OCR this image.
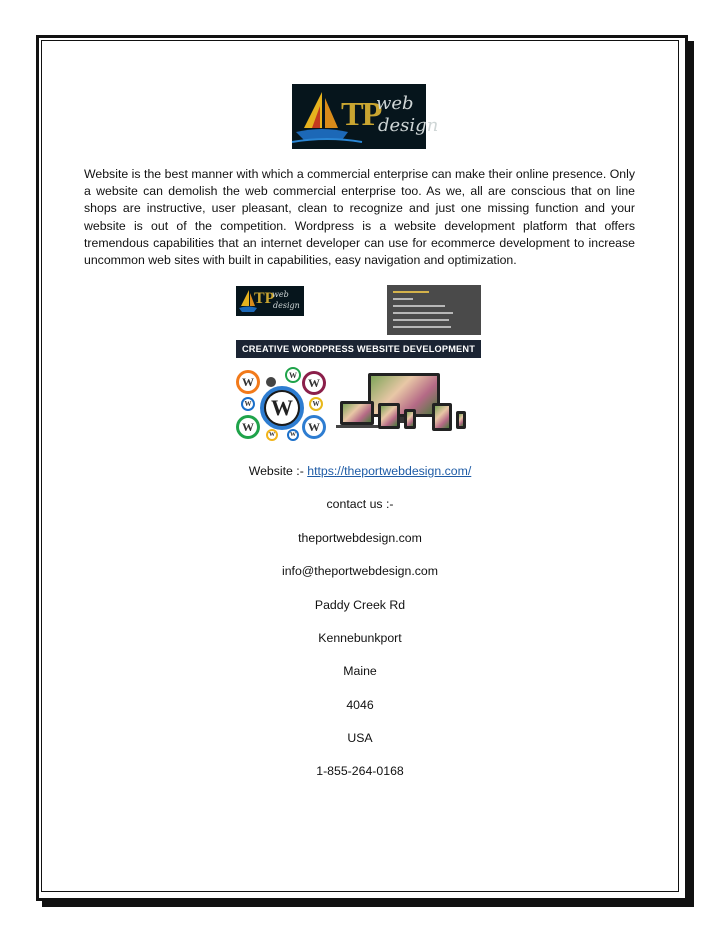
TP
web
design

Website is the best manner with which a commercial enterprise can make their online presence. Only a website can demolish the web commercial enterprise too. As we, all are conscious that on line shops are instructive, user pleasant, clean to recognize and just one missing function and your website is out of the competition. Wordpress is a website development platform that offers tremendous capabilities that an internet developer can use for ecommerce development to increase uncommon web sites with built in capabilities, easy navigation and optimization.

TP
web
design
CREATIVE WORDPRESS WEBSITE DEVELOPMENT
W	W
W
W W	W
W
W	W
W
Website :- https://theportwebdesign.com/
contact us :-
theportwebdesign.com
info@theportwebdesign.com
Paddy Creek Rd
Kennebunkport
Maine
4046
USA
1-855-264-0168
